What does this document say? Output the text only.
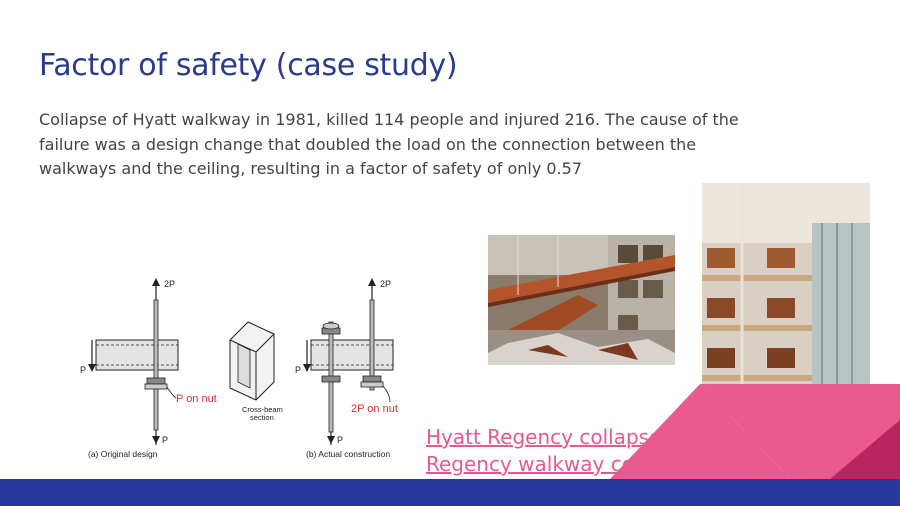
Factor of safety (case study)
Collapse of Hyatt walkway in 1981, killed 114 people and injured 216. The cause of the failure was a design change that doubled the load on the connection between the walkways and the ceiling, resulting in a factor of safety of only 0.57
2P
P
P on nut
P
(a) Original design
Cross-beam
section
2P
P
2P on nut
P
(b) Actual construction
Hyatt Regency collapse - Top view - Hyatt
Regency walkway collapse - Wikipedia
